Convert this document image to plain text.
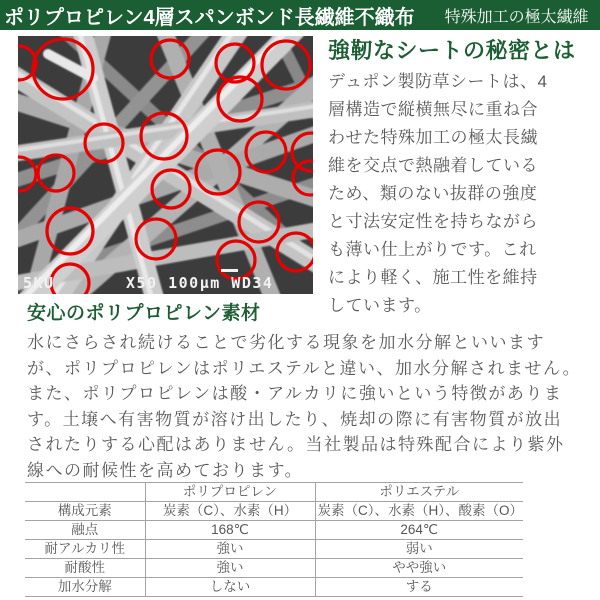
ポリプロピレン4層スパンボンド長繊維不織布 特殊加工の極太繊維
5KU	X50 100μm WD34
強靭なシートの秘密とは

デュポン製防草シートは、4
層構造で縦横無尽に重ね合
わせた特殊加工の極太長繊
維を交点で熱融着している
ため、類のない抜群の強度
と寸法安定性を持ちながら
も薄い仕上がりです。これ
により軽く、施工性を維持
しています。

安心のポリプロピレン素材

水にさらされ続けることで劣化する現象を加水分解といいます
が、ポリプロピレンはポリエステルと違い、加水分解されません。
また、ポリプロピレンは酸・アルカリに強いという特徴がありま
す。土壌へ有害物質が溶け出したり、焼却の際に有害物質が放出
されたりする心配はありません。当社製品は特殊配合により紫外
線への耐候性を高めております。

	ポリプロピレン	ポリエステル
構成元素	炭素（C）、水素（H）	炭素（C）、水素（H）、酸素（O）
融点	168℃	264℃
耐アルカリ性	強い	弱い
耐酸性	強い	やや強い
加水分解	しない	する
